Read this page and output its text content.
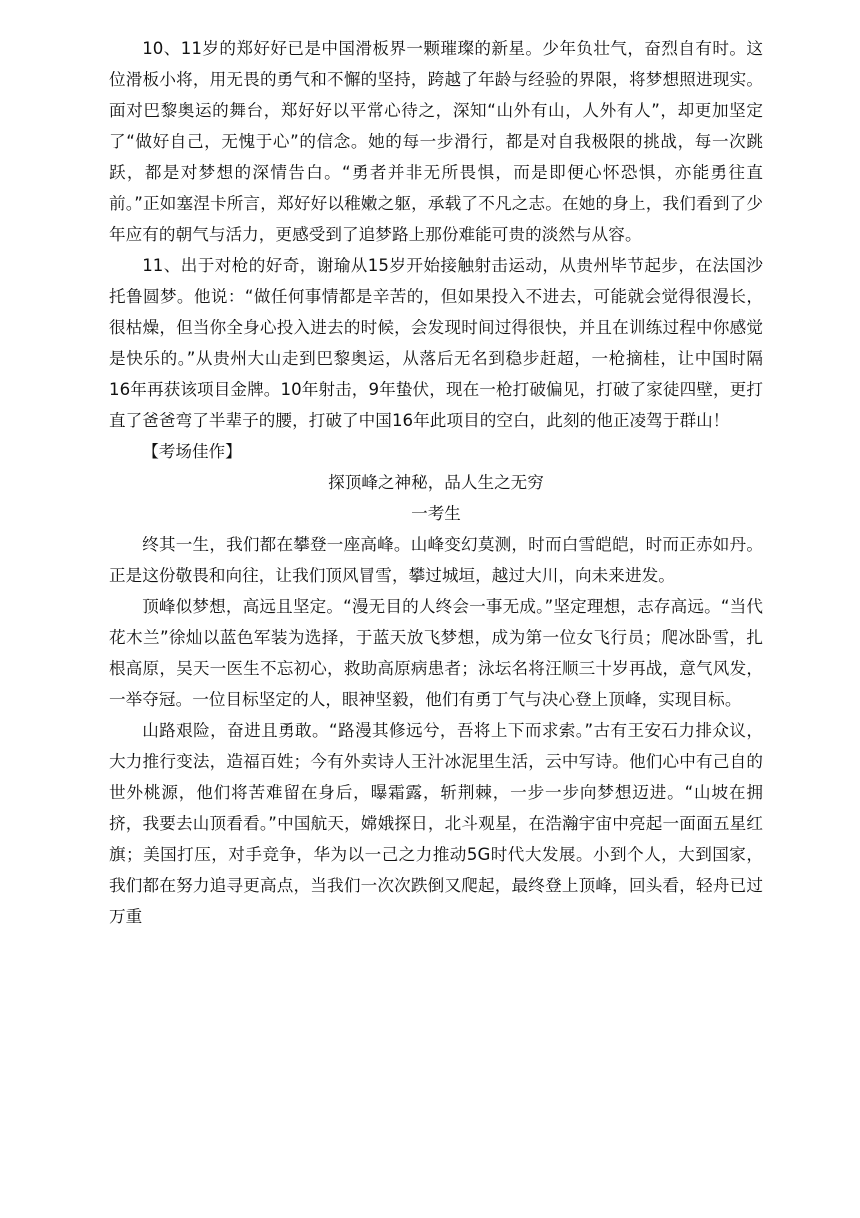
10、11岁的郑好好已是中国滑板界一颗璀璨的新星。少年负壮气，奋烈自有时。这位滑板小将，用无畏的勇气和不懈的坚持，跨越了年龄与经验的界限，将梦想照进现实。面对巴黎奥运的舞台，郑好好以平常心待之，深知“山外有山，人外有人”，却更加坚定了“做好自己，无愧于心”的信念。她的每一步滑行，都是对自我极限的挑战，每一次跳跃，都是对梦想的深情告白。“勇者并非无所畏惧，而是即便心怀恐惧，亦能勇往直前。”正如塞涅卡所言，郑好好以稚嫩之躯，承载了不凡之志。在她的身上，我们看到了少年应有的朝气与活力，更感受到了追梦路上那份难能可贵的淡然与从容。

11、出于对枪的好奇，谢瑜从15岁开始接触射击运动，从贵州毕节起步，在法国沙托鲁圆梦。他说：“做任何事情都是辛苦的，但如果投入不进去，可能就会觉得很漫长，很枯燥，但当你全身心投入进去的时候，会发现时间过得很快，并且在训练过程中你感觉是快乐的。”从贵州大山走到巴黎奥运，从落后无名到稳步赶超，一枪摘桂，让中国时隔16年再获该项目金牌。10年射击，9年蛰伏，现在一枪打破偏见，打破了家徒四壁，更打直了爸爸弯了半辈子的腰，打破了中国16年此项目的空白，此刻的他正凌驾于群山！

【考场佳作】

探顶峰之神秘，品人生之无穷

一考生

终其一生，我们都在攀登一座高峰。山峰变幻莫测，时而白雪皑皑，时而正赤如丹。正是这份敬畏和向往，让我们顶风冒雪，攀过城垣，越过大川，向未来进发。

顶峰似梦想，高远且坚定。“漫无目的人终会一事无成。”坚定理想，志存高远。“当代花木兰”徐灿以蓝色军装为选择，于蓝天放飞梦想，成为第一位女飞行员；爬冰卧雪，扎根高原，吴天一医生不忘初心，救助高原病患者；泳坛名将汪顺三十岁再战，意气风发，一举夺冠。一位目标坚定的人，眼神坚毅，他们有勇丁气与决心登上顶峰，实现目标。

山路艰险，奋进且勇敢。“路漫其修远兮，吾将上下而求索。”古有王安石力排众议，大力推行变法，造福百姓；今有外卖诗人王汁冰泥里生活，云中写诗。他们心中有己自的世外桃源，他们将苦难留在身后，曝霜露，斩荆棘，一步一步向梦想迈进。“山坡在拥挤，我要去山顶看看。”中国航天，嫦娥探日，北斗观星，在浩瀚宇宙中亮起一面面五星红旗；美国打压，对手竞争，华为以一己之力推动5G时代大发展。小到个人，大到国家，我们都在努力追寻更高点，当我们一次次跌倒又爬起，最终登上顶峰，回头看，轻舟已过万重
